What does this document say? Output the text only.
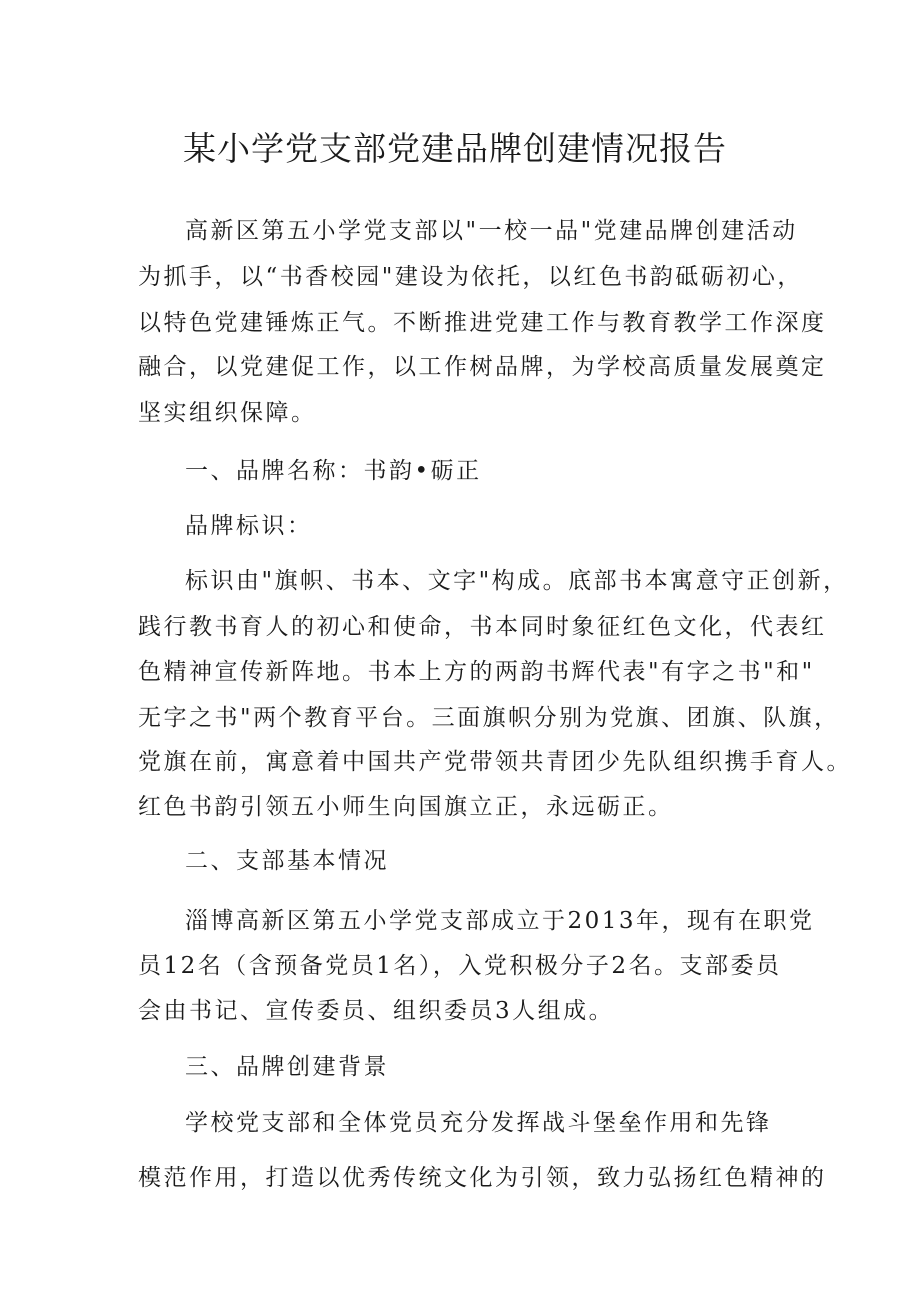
某小学党支部党建品牌创建情况报告

高新区第五小学党支部以"一校一品"党建品牌创建活动

为抓手，以“书香校园"建设为依托，以红色书韵砥砺初心，

以特色党建锤炼正气。不断推进党建工作与教育教学工作深度

融合，以党建促工作，以工作树品牌，为学校高质量发展奠定

坚实组织保障。

一、品牌名称：书韵•砺正

品牌标识：

标识由"旗帜、书本、文字"构成。底部书本寓意守正创新，

践行教书育人的初心和使命，书本同时象征红色文化，代表红

色精神宣传新阵地。书本上方的两韵书辉代表"有字之书"和"

无字之书"两个教育平台。三面旗帜分别为党旗、团旗、队旗，

党旗在前，寓意着中国共产党带领共青团少先队组织携手育人。

红色书韵引领五小师生向国旗立正，永远砺正。

二、支部基本情况

淄博高新区第五小学党支部成立于2013年，现有在职党

员12名（含预备党员1名），入党积极分子2名。支部委员

会由书记、宣传委员、组织委员3人组成。

三、品牌创建背景

学校党支部和全体党员充分发挥战斗堡垒作用和先锋

模范作用，打造以优秀传统文化为引领，致力弘扬红色精神的
